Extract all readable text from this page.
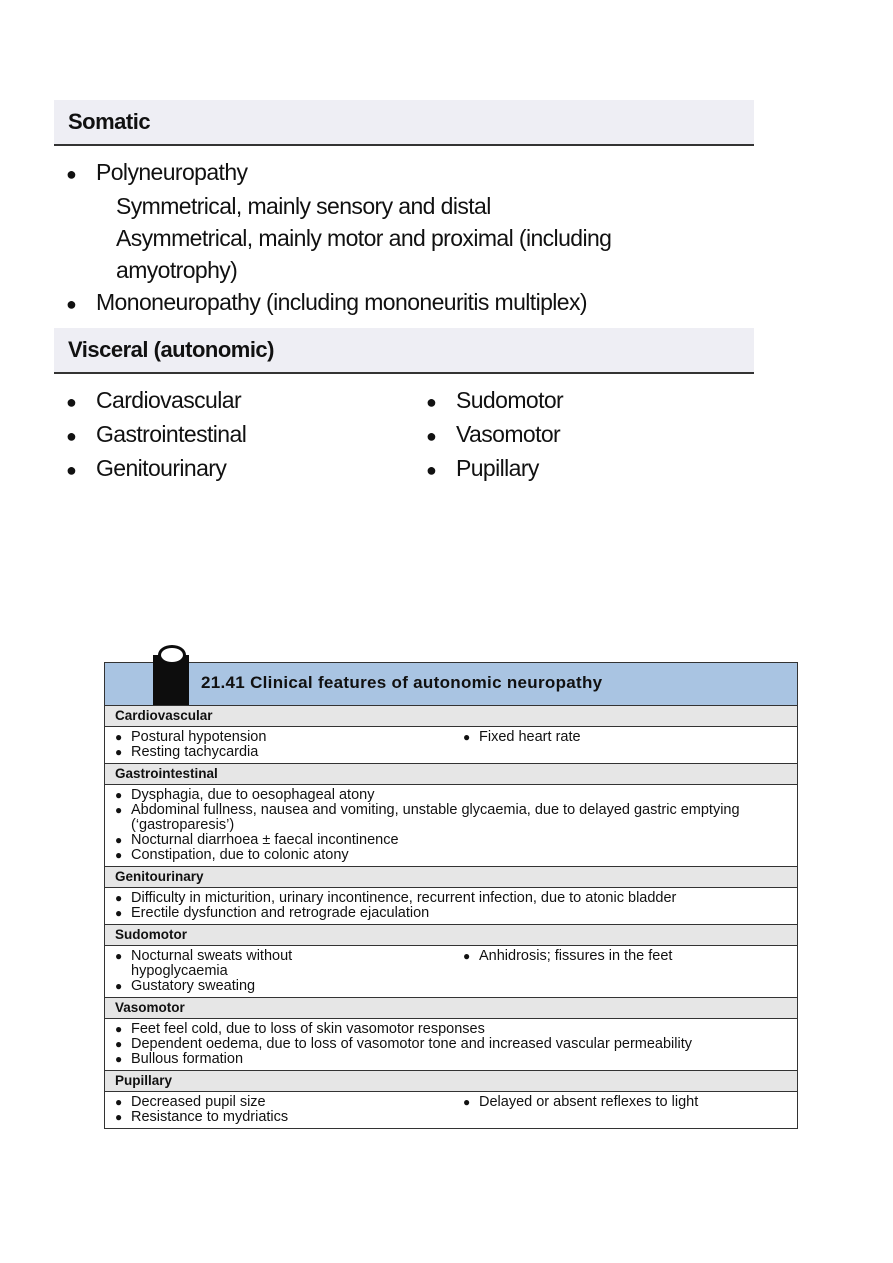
Somatic
● Polyneuropathy
Symmetrical, mainly sensory and distal
Asymmetrical, mainly motor and proximal (including
amyotrophy)
● Mononeuropathy (including mononeuritis multiplex)
Visceral (autonomic)
● Cardiovascular	● Sudomotor
● Gastrointestinal	● Vasomotor
● Genitourinary	● Pupillary
21.41 Clinical features of autonomic neuropathy
Cardiovascular
● Postural hypotension
● Resting tachycardia
● Fixed heart rate
Gastrointestinal
● Dysphagia, due to oesophageal atony
● Abdominal fullness, nausea and vomiting, unstable glycaemia, due to delayed gastric emptying (‘gastroparesis’)
● Nocturnal diarrhoea ± faecal incontinence
● Constipation, due to colonic atony
Genitourinary
● Difficulty in micturition, urinary incontinence, recurrent infection, due to atonic bladder
● Erectile dysfunction and retrograde ejaculation
Sudomotor
● Nocturnal sweats without hypoglycaemia
● Gustatory sweating
● Anhidrosis; fissures in the feet
Vasomotor
● Feet feel cold, due to loss of skin vasomotor responses
● Dependent oedema, due to loss of vasomotor tone and increased vascular permeability
● Bullous formation
Pupillary
● Decreased pupil size
● Resistance to mydriatics
● Delayed or absent reflexes to light
